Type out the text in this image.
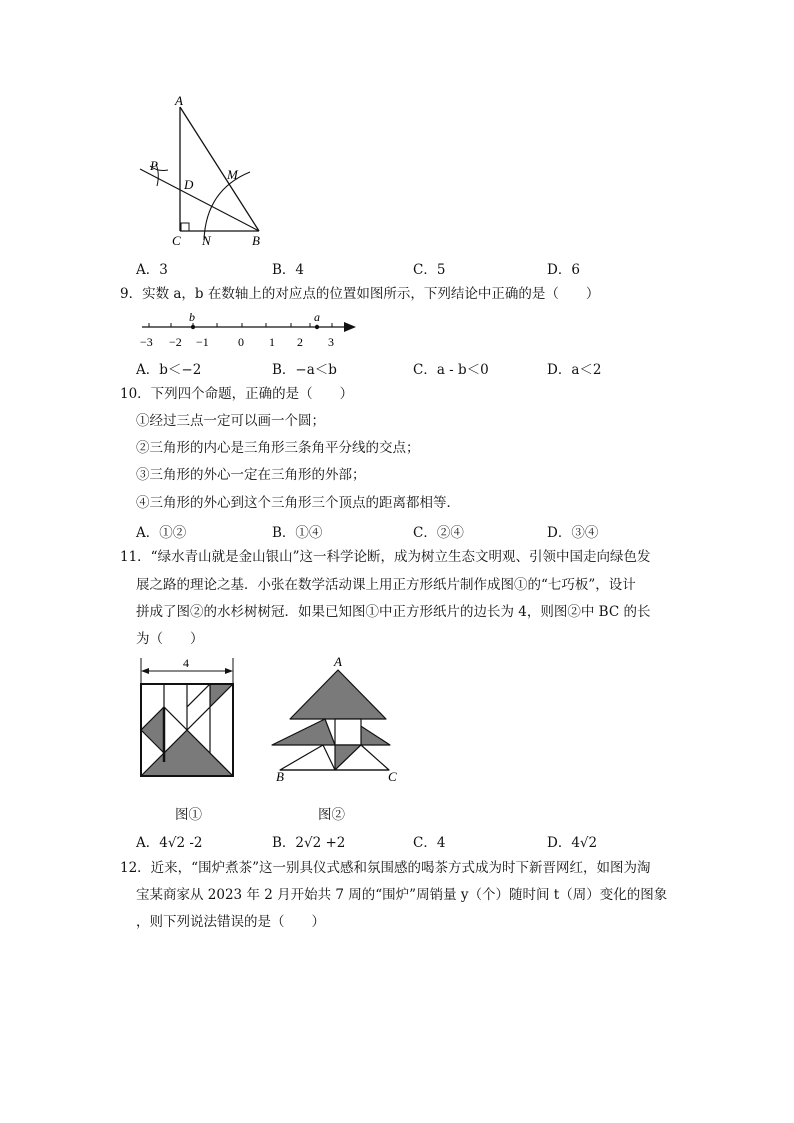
A
P
D
M
C N	B
A．3	B．4	C．5	D．6
9．实数 a，b 在数轴上的对应点的位置如图所示，下列结论中正确的是（　　）
b	a
−3 −2 −1 0 1 2 3
A．b＜−2	B．−a＜b	C．a - b＜0	D．a＜2
10．下列四个命题，正确的是（　　）
①经过三点一定可以画一个圆；
②三角形的内心是三角形三条角平分线的交点；
③三角形的外心一定在三角形的外部；
④三角形的外心到这个三角形三个顶点的距离都相等．
A．①②	B．①④	C．②④	D．③④
11．“绿水青山就是金山银山”这一科学论断，成为树立生态文明观、引领中国走向绿色发
展之路的理论之基．小张在数学活动课上用正方形纸片制作成图①的“七巧板”，设计
拼成了图②的水杉树树冠．如果已知图①中正方形纸片的边长为 4，则图②中 BC 的长
为（　　）
4
图①
A
B	C
图②
A．4√2 -2	B．2√2 +2	C．4	D．4√2
12．近来，“围炉煮茶”这一别具仪式感和氛围感的喝茶方式成为时下新晋网红，如图为淘
宝某商家从 2023 年 2 月开始共 7 周的“围炉”周销量 y（个）随时间 t（周）变化的图象
，则下列说法错误的是（　　）
